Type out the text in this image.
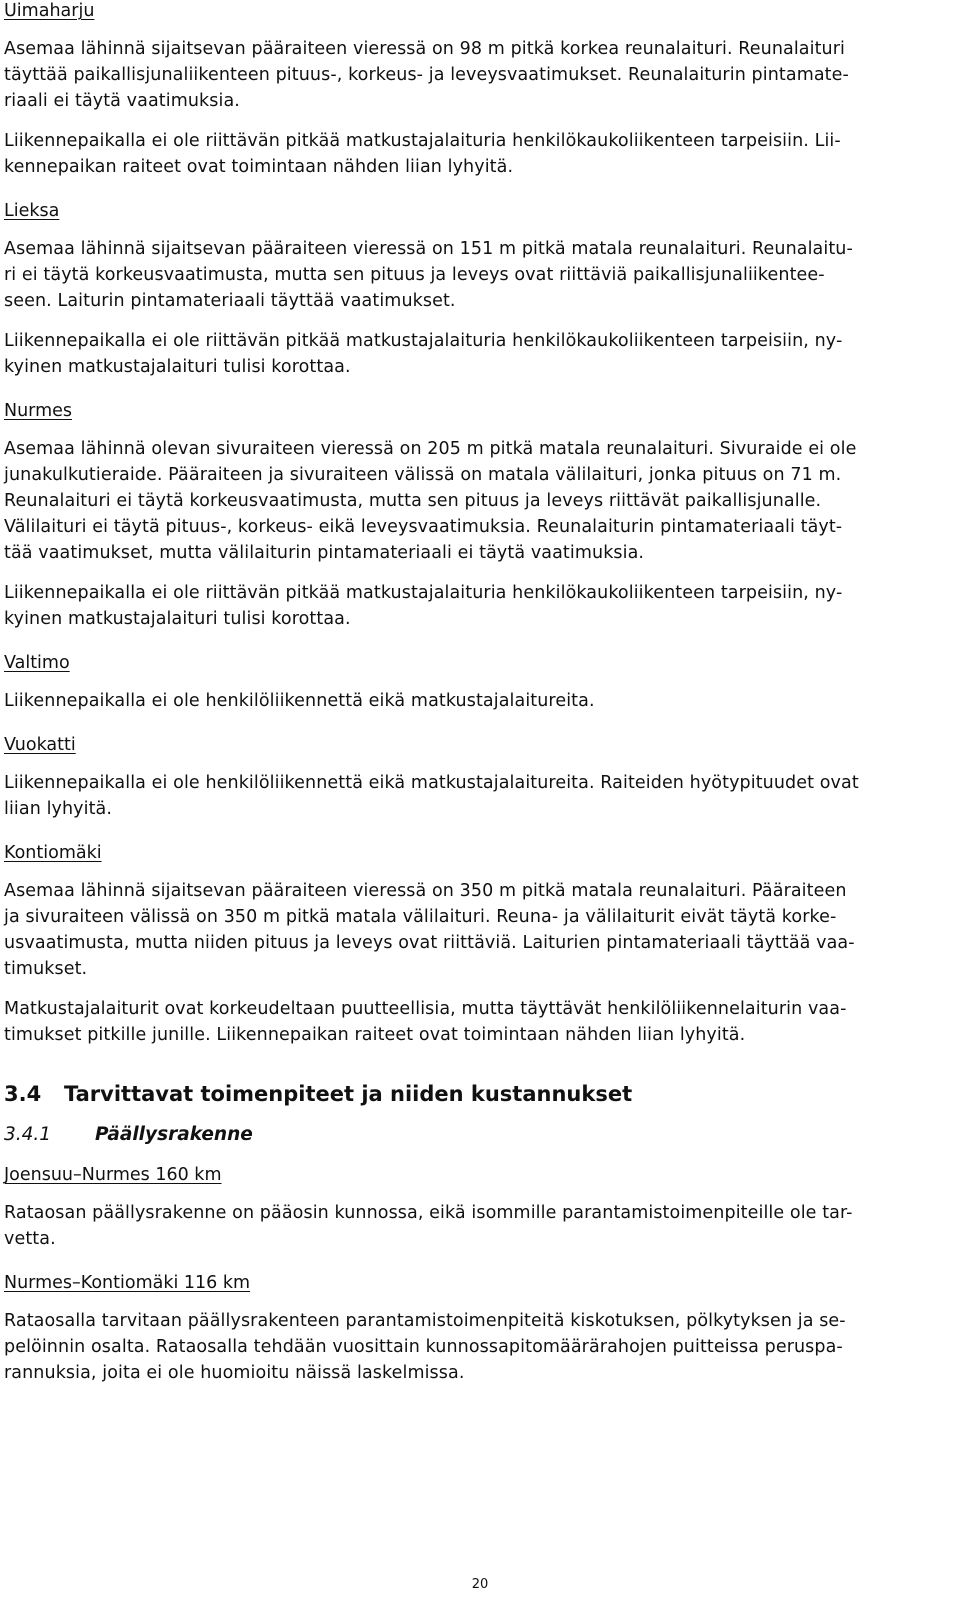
Uimaharju

Asemaa lähinnä sijaitsevan pääraiteen vieressä on 98 m pitkä korkea reunalaituri. Reunalaituri
täyttää paikallisjunaliikenteen pituus-, korkeus- ja leveysvaatimukset. Reunalaiturin pintamate-
riaali ei täytä vaatimuksia.

Liikennepaikalla ei ole riittävän pitkää matkustajalaituria henkilökaukoliikenteen tarpeisiin. Lii-
kennepaikan raiteet ovat toimintaan nähden liian lyhyitä.

Lieksa

Asemaa lähinnä sijaitsevan pääraiteen vieressä on 151 m pitkä matala reunalaituri. Reunalaitu-
ri ei täytä korkeusvaatimusta, mutta sen pituus ja leveys ovat riittäviä paikallisjunaliikentee-
seen. Laiturin pintamateriaali täyttää vaatimukset.

Liikennepaikalla ei ole riittävän pitkää matkustajalaituria henkilökaukoliikenteen tarpeisiin, ny-
kyinen matkustajalaituri tulisi korottaa.

Nurmes

Asemaa lähinnä olevan sivuraiteen vieressä on 205 m pitkä matala reunalaituri. Sivuraide ei ole
junakulkutieraide. Pääraiteen ja sivuraiteen välissä on matala välilaituri, jonka pituus on 71 m.
Reunalaituri ei täytä korkeusvaatimusta, mutta sen pituus ja leveys riittävät paikallisjunalle.
Välilaituri ei täytä pituus-, korkeus- eikä leveysvaatimuksia. Reunalaiturin pintamateriaali täyt-
tää vaatimukset, mutta välilaiturin pintamateriaali ei täytä vaatimuksia.

Liikennepaikalla ei ole riittävän pitkää matkustajalaituria henkilökaukoliikenteen tarpeisiin, ny-
kyinen matkustajalaituri tulisi korottaa.

Valtimo

Liikennepaikalla ei ole henkilöliikennettä eikä matkustajalaitureita.

Vuokatti

Liikennepaikalla ei ole henkilöliikennettä eikä matkustajalaitureita. Raiteiden hyötypituudet ovat
liian lyhyitä.

Kontiomäki

Asemaa lähinnä sijaitsevan pääraiteen vieressä on 350 m pitkä matala reunalaituri. Pääraiteen
ja sivuraiteen välissä on 350 m pitkä matala välilaituri. Reuna- ja välilaiturit eivät täytä korke-
usvaatimusta, mutta niiden pituus ja leveys ovat riittäviä. Laiturien pintamateriaali täyttää vaa-
timukset.

Matkustajalaiturit ovat korkeudeltaan puutteellisia, mutta täyttävät henkilöliikennelaiturin vaa-
timukset pitkille junille. Liikennepaikan raiteet ovat toimintaan nähden liian lyhyitä.

3.4	Tarvittavat toimenpiteet ja niiden kustannukset
3.4.1	Päällysrakenne

Joensuu–Nurmes 160 km

Rataosan päällysrakenne on pääosin kunnossa, eikä isommille parantamistoimenpiteille ole tar-
vetta.

Nurmes–Kontiomäki 116 km

Rataosalla tarvitaan päällysrakenteen parantamistoimenpiteitä kiskotuksen, pölkytyksen ja se-
pelöinnin osalta. Rataosalla tehdään vuosittain kunnossapitomäärärahojen puitteissa peruspa-
rannuksia, joita ei ole huomioitu näissä laskelmissa.

20
